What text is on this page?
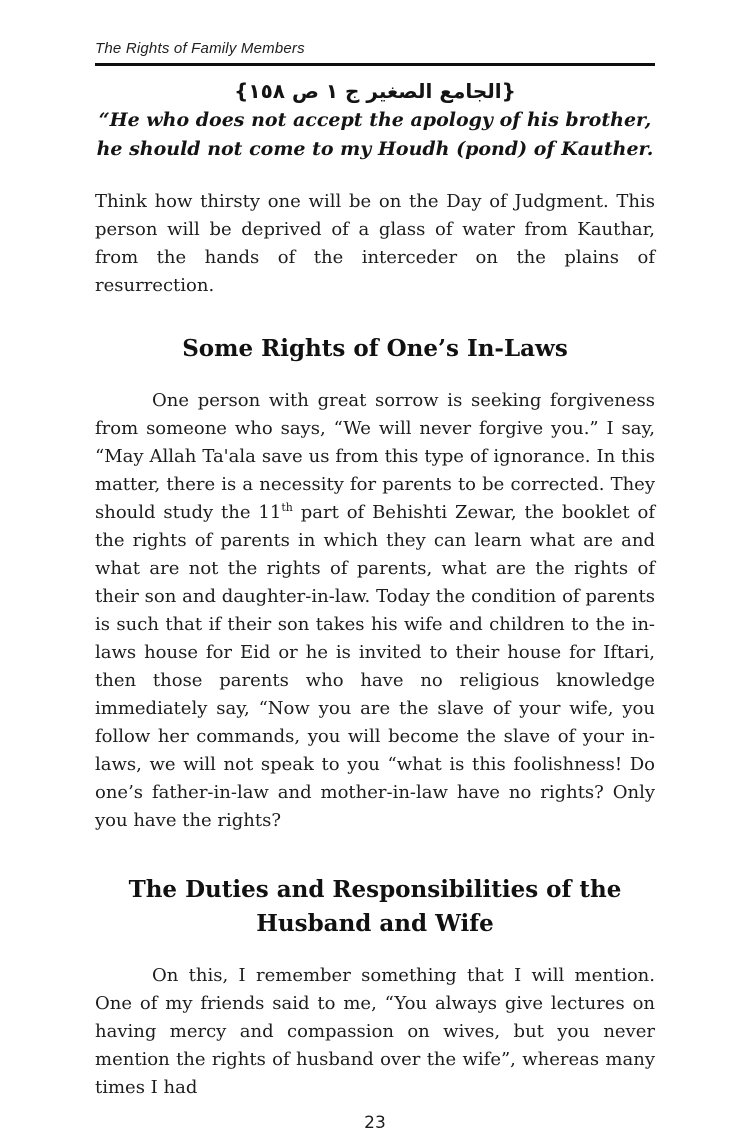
The Rights of Family Members
{الجامع الصغير ج ١ ص ١٥٨}
“He who does not accept the apology of his brother, he should not come to my Houdh (pond) of Kauther.

Think how thirsty one will be on the Day of Judgment. This person will be deprived of a glass of water from Kauthar, from the hands of the interceder on the plains of resurrection.

Some Rights of One’s In-Laws

One person with great sorrow is seeking forgiveness from someone who says, “We will never forgive you.” I say, “May Allah Ta'ala save us from this type of ignorance. In this matter, there is a necessity for parents to be corrected. They should study the 11th part of Behishti Zewar, the booklet of the rights of parents in which they can learn what are and what are not the rights of parents, what are the rights of their son and daughter-in-law. Today the condition of parents is such that if their son takes his wife and children to the in-laws house for Eid or he is invited to their house for Iftari, then those parents who have no religious knowledge immediately say, “Now you are the slave of your wife, you follow her commands, you will become the slave of your in-laws, we will not speak to you “what is this foolishness! Do one’s father-in-law and mother-in-law have no rights? Only you have the rights?

The Duties and Responsibilities of the Husband and Wife

On this, I remember something that I will mention. One of my friends said to me, “You always give lectures on having mercy and compassion on wives, but you never mention the rights of husband over the wife”, whereas many times I had

23
